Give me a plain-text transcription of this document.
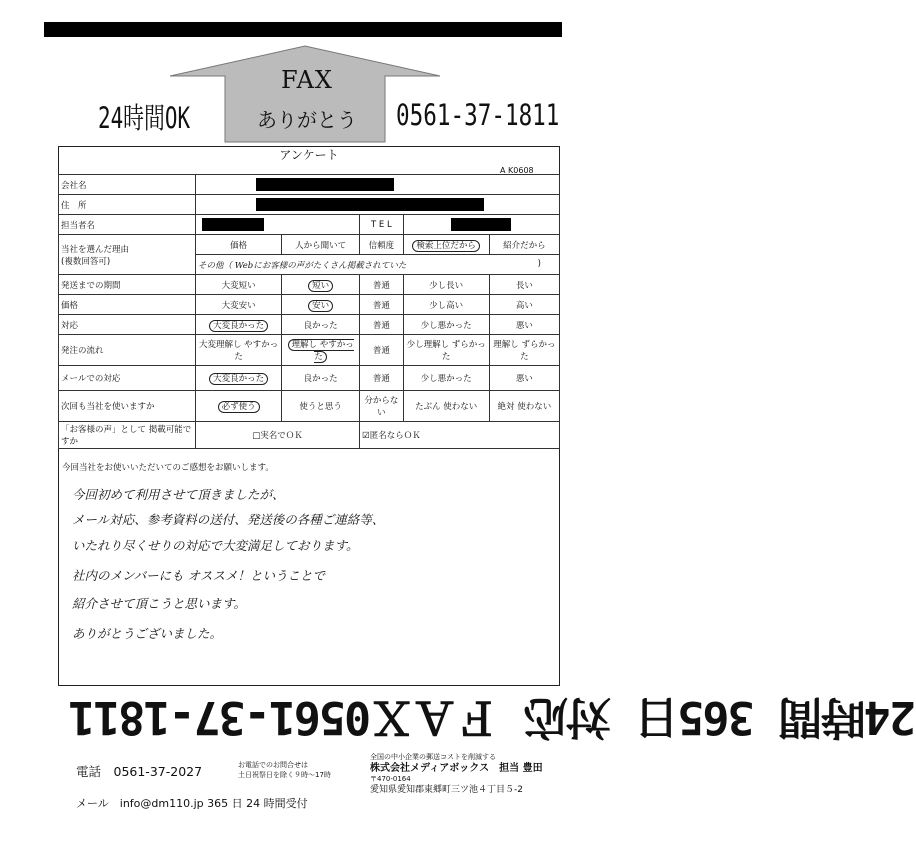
FAX
ありがとう
24時間OK	0561-37-1811
アンケート
A K0608
会社名					
住　所					
担当者名			T E L		
当社を選んだ理由
(複数回答可)	価格	人から聞いて	信頼度	検索上位だから	紹介だから
	その他（ Webにお客様の声がたくさん掲載されていた )				

発送までの期間	大変短い	短い	普通	少し長い	長い
価格	大変安い	安い	普通	少し高い	高い
対応	大変良かった	良かった	普通	少し悪かった	悪い
発注の流れ	大変理解し やすかった	理解し やすかった	普通	少し理解し ずらかった	理解し ずらかった
メールでの対応	大変良かった	良かった	普通	少し悪かった	悪い
次回も当社を使いますか	必ず使う	使うと思う	分からない	たぶん 使わない	絶対 使わない
「お客様の声」として 掲載可能ですか	□実名でＯＫ		☑匿名ならＯＫ		
今回当社をお使いいただいてのご感想をお願いします。
今回初めて利用させて頂きましたが、
メール対応、参考資料の送付、発送後の各種ご連絡等、
いたれり尽くせりの対応で大変満足しております。
社内のメンバーにも オススメ！ということで
紹介させて頂こうと思います。
ありがとうございました。
24時間 365日 対応 ＦＡＸ0561-37-1811
電話　0561-37-2027	お電話でのお問合せは
土日祝祭日を除く９時〜17時
メール　info@dm110.jp 365 日 24 時間受付
全国の中小企業の郵送コストを削減する
株式会社メディアボックス　担当 豊田
〒470-0164
愛知県愛知郡東郷町三ツ池４丁目５-2
